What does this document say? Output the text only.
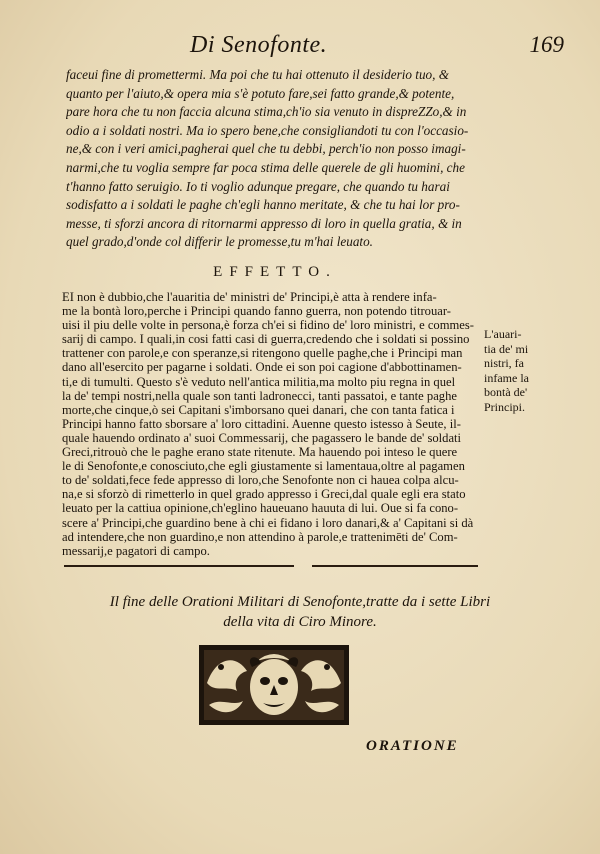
Di Senofonte.	169
faceui fine di promettermi. Ma poi che tu hai ottenuto il desiderio tuo, &
quanto per l'aiuto,& opera mia s'è potuto fare,sei fatto grande,& potente,
pare hora che tu non faccia alcuna stima,ch'io sia venuto in dispreZZo,& in
odio a i soldati nostri. Ma io spero bene,che consigliandoti tu con l'occasio-
ne,& con i veri amici,pagherai quel che tu debbi, perch'io non posso imagi-
narmi,che tu voglia sempre far poca stima delle querele de gli huomini, che
t'hanno fatto seruigio. Io ti voglio adunque pregare, che quando tu harai
sodisfatto a i soldati le paghe ch'egli hanno meritate, & che tu hai lor pro-
messe, ti sforzi ancora di ritornarmi appresso di loro in quella gratia, & in
quel grado,d'onde col differir le promesse,tu m'hai leuato.
EFFETTO.
EI non è dubbio,che l'auaritia de' ministri de' Principi,è atta à rendere infa-
me la bontà loro,perche i Principi quando fanno guerra, non potendo titrouar-
uisi il piu delle volte in persona,è forza ch'ei si fidino de' loro ministri, e commes-
sarij di campo. I quali,in cosi fatti casi di guerra,credendo che i soldati si possino
trattener con parole,e con speranze,si ritengono quelle paghe,che i Principi man
dano all'esercito per pagarne i soldati. Onde ei son poi cagione d'abbottinamen-
ti,e di tumulti. Questo s'è veduto nell'antica militia,ma molto piu regna in quel
la de' tempi nostri,nella quale son tanti ladronecci, tanti passatoi, e tante paghe
morte,che cinque,ò sei Capitani s'imborsano quei danari, che con tanta fatica i
Principi hanno fatto sborsare a' loro cittadini. Auenne questo istesso à Seute, il-
quale hauendo ordinato a' suoi Commessarij, che pagassero le bande de' soldati
Greci,ritrouò che le paghe erano state ritenute. Ma hauendo poi inteso le quere
le di Senofonte,e conosciuto,che egli giustamente si lamentaua,oltre al pagamen
to de' soldati,fece fede appresso di loro,che Senofonte non ci hauea colpa alcu-
na,e si sforzò di rimetterlo in quel grado appresso i Greci,dal quale egli era stato
leuato per la cattiua opinione,ch'eglino haueuano hauuta di lui. Oue si fa cono-
scere a' Principi,che guardino bene à chi ei fidano i loro danari,& a' Capitani si dà
ad intendere,che non guardino,e non attendino à parole,e trattenimēti de' Com-
messarij,e pagatori di campo.
L'auari-
tia de' mi
nistri, fa
infame la
bontà de'
Principi.
Il fine delle Orationi Militari di Senofonte,tratte da i sette Libri
della vita di Ciro Minore.
ORATIONE
